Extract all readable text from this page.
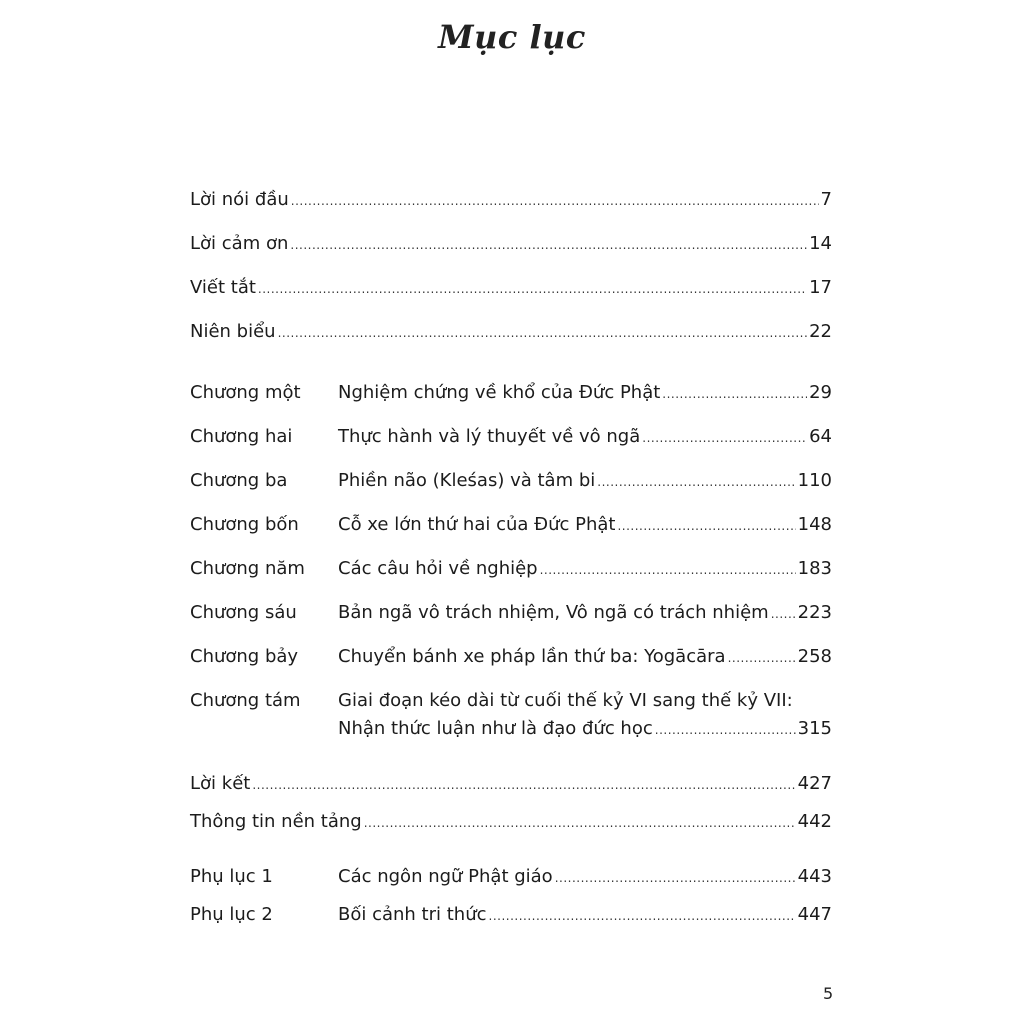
Mục lục
Lời nói đầu .....	7
Lời cảm ơn .....	14
Viết tắt .....	17
Niên biểu .....	22
Chương một Nghiệm chứng về khổ của Đức Phật .....	29
Chương hai	Thực hành và lý thuyết về vô ngã .....	64
Chương ba	Phiền não (Kleśas) và tâm bi .....	110
Chương bốn Cỗ xe lớn thứ hai của Đức Phật .....	148
Chương năm Các câu hỏi về nghiệp .....	183
Chương sáu Bản ngã vô trách nhiệm, Vô ngã có trách nhiệm ..... 223
Chương bảy Chuyển bánh xe pháp lần thứ ba: Yogācāra .....	258
Chương tám Giai đoạn kéo dài từ cuối thế kỷ VI sang thế kỷ VII:
Nhận thức luận như là đạo đức học .....	315
Lời kết .....	427
Thông tin nền tảng .....	442
Phụ lục 1	Các ngôn ngữ Phật giáo .....	443
Phụ lục 2	Bối cảnh tri thức .....	447
5
